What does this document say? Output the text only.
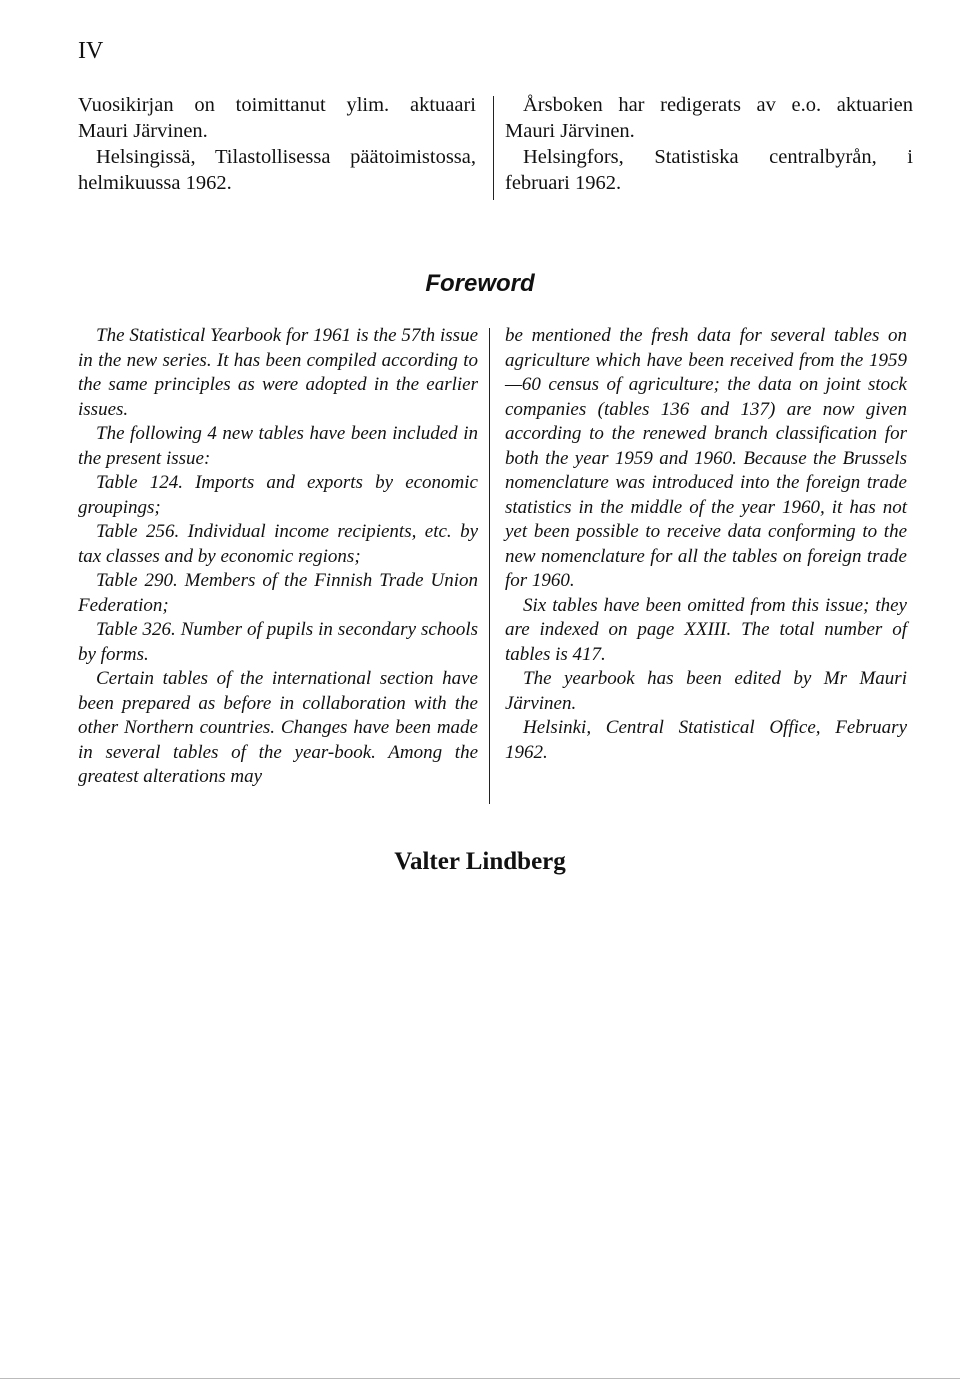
IV
Vuosikirjan on toimittanut ylim. aktuaari
Mauri Järvinen.
Helsingissä, Tilastollisessa päätoimistossa,
helmikuussa 1962.
Årsboken har redigerats av e.o. aktuarien
Mauri Järvinen.
Helsingfors, Statistiska centralbyrån, i
februari 1962.
Foreword

The Statistical Yearbook for 1961 is the 57th issue in the new series. It has been compiled according to the same principles as were adopted in the earlier issues.

The following 4 new tables have been included in the present issue:

Table 124. Imports and exports by economic groupings;

Table 256. Individual income recipients, etc. by tax classes and by economic regions;

Table 290. Members of the Finnish Trade Union Federation;

Table 326. Number of pupils in secondary schools by forms.

Certain tables of the international section have been prepared as before in collaboration with the other Northern countries. Changes have been made in several tables of the year-book. Among the greatest alterations may

be mentioned the fresh data for several tables on agriculture which have been received from the 1959—60 census of agriculture; the data on joint stock companies (tables 136 and 137) are now given according to the renewed branch classification for both the year 1959 and 1960. Because the Brussels nomenclature was introduced into the foreign trade statistics in the middle of the year 1960, it has not yet been possible to receive data conforming to the new nomenclature for all the tables on foreign trade for 1960.

Six tables have been omitted from this issue; they are indexed on page XXIII. The total number of tables is 417.

The yearbook has been edited by Mr Mauri Järvinen.

Helsinki, Central Statistical Office, February 1962.

Valter Lindberg
